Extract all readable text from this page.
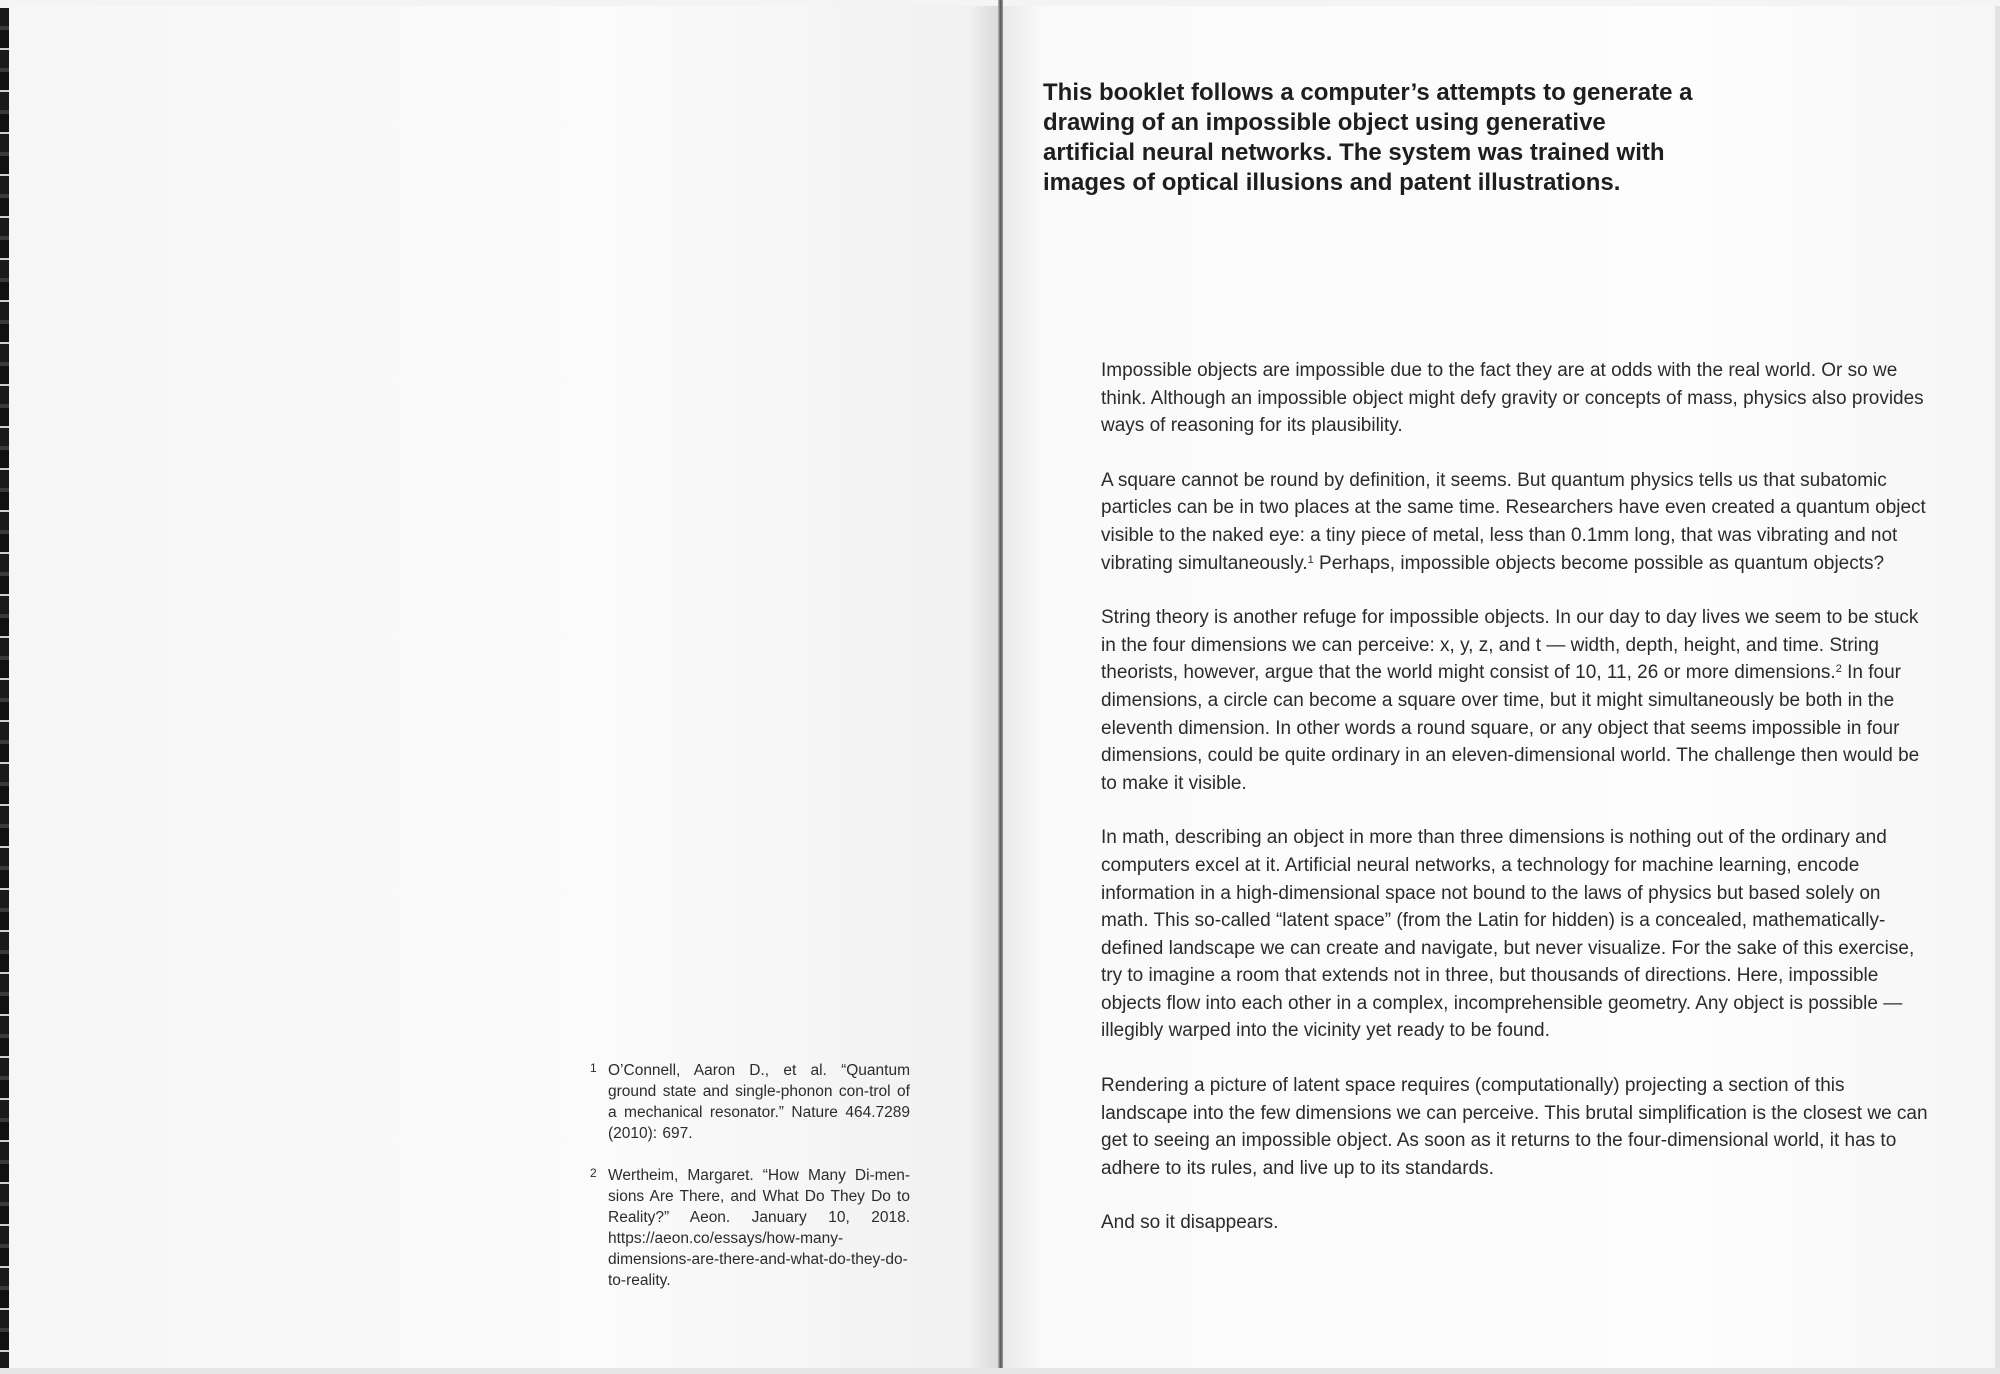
1 O’Connell, Aaron D., et al. “Quantum ground state and single-phonon con-trol of a mechanical resonator.” Nature 464.7289 (2010): 697.
2 Wertheim, Margaret. “How Many Di-men-sions Are There, and What Do They Do to Reality?” Aeon. January 10, 2018. https://aeon.co/essays/how-many-dimensions-are-there-and-what-do-they-do-to-reality.
This booklet follows a computer’s attempts to generate a drawing of an impossible object using generative artificial neural networks. The system was trained with images of optical illusions and patent illustrations.

Impossible objects are impossible due to the fact they are at odds with the real world. Or so we think. Although an impossible object might defy gravity or concepts of mass, physics also provides ways of reasoning for its plausibility.

A square cannot be round by definition, it seems. But quantum physics tells us that subatomic particles can be in two places at the same time. Researchers have even created a quantum object visible to the naked eye: a tiny piece of metal, less than 0.1mm long, that was vibrating and not vibrating simultaneously.$^1$ Perhaps, impossible objects become possible as quantum objects?

String theory is another refuge for impossible objects. In our day to day lives we seem to be stuck in the four dimensions we can perceive: x, y, z, and t — width, depth, height, and time. String theorists, however, argue that the world might consist of 10, 11, 26 or more dimensions.$^2$ In four dimensions, a circle can become a square over time, but it might simultaneously be both in the eleventh dimension. In other words a round square, or any object that seems impossible in four dimensions, could be quite ordinary in an eleven-dimensional world. The challenge then would be to make it visible.

In math, describing an object in more than three dimensions is nothing out of the ordinary and computers excel at it. Artificial neural networks, a technology for machine learning, encode information in a high-dimensional space not bound to the laws of physics but based solely on math. This so-called “latent space” (from the Latin for hidden) is a concealed, mathematically-defined landscape we can create and navigate, but never visualize. For the sake of this exercise, try to imagine a room that extends not in three, but thousands of directions. Here, impossible objects flow into each other in a complex, incomprehensible geometry. Any object is possible — illegibly warped into the vicinity yet ready to be found.

Rendering a picture of latent space requires (computationally) projecting a section of this landscape into the few dimensions we can perceive. This brutal simplification is the closest we can get to seeing an impossible object. As soon as it returns to the four-dimensional world, it has to adhere to its rules, and live up to its standards.

And so it disappears.
